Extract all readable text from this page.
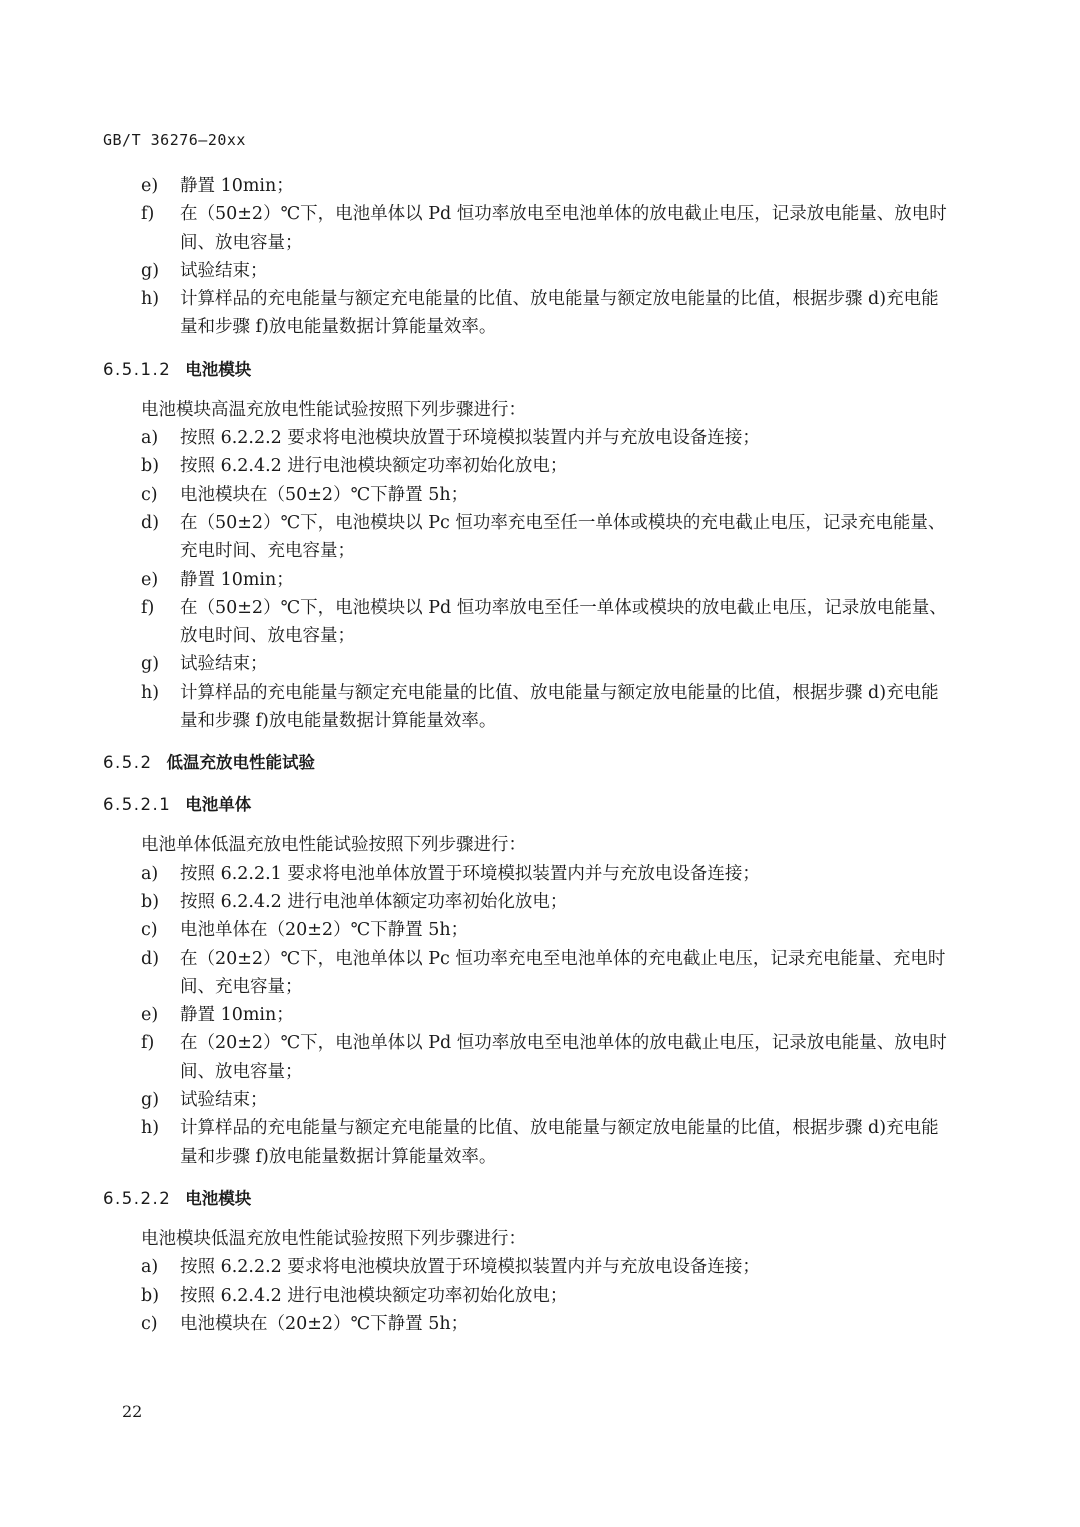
GB/T 36276—20xx
e) 静置 10min；
f) 在（50±2）℃下，电池单体以 Pd 恒功率放电至电池单体的放电截止电压，记录放电能量、放电时间、放电容量；
g) 试验结束；
h) 计算样品的充电能量与额定充电能量的比值、放电能量与额定放电能量的比值，根据步骤 d)充电能量和步骤 f)放电能量数据计算能量效率。
6.5.1.2 电池模块
电池模块高温充放电性能试验按照下列步骤进行：
a) 按照 6.2.2.2 要求将电池模块放置于环境模拟装置内并与充放电设备连接；
b) 按照 6.2.4.2 进行电池模块额定功率初始化放电；
c) 电池模块在（50±2）℃下静置 5h；
d) 在（50±2）℃下，电池模块以 Pc 恒功率充电至任一单体或模块的充电截止电压，记录充电能量、充电时间、充电容量；
e) 静置 10min；
f) 在（50±2）℃下，电池模块以 Pd 恒功率放电至任一单体或模块的放电截止电压，记录放电能量、放电时间、放电容量；
g) 试验结束；
h) 计算样品的充电能量与额定充电能量的比值、放电能量与额定放电能量的比值，根据步骤 d)充电能量和步骤 f)放电能量数据计算能量效率。
6.5.2 低温充放电性能试验
6.5.2.1 电池单体
电池单体低温充放电性能试验按照下列步骤进行：
a) 按照 6.2.2.1 要求将电池单体放置于环境模拟装置内并与充放电设备连接；
b) 按照 6.2.4.2 进行电池单体额定功率初始化放电；
c) 电池单体在（20±2）℃下静置 5h；
d) 在（20±2）℃下，电池单体以 Pc 恒功率充电至电池单体的充电截止电压，记录充电能量、充电时间、充电容量；
e) 静置 10min；
f) 在（20±2）℃下，电池单体以 Pd 恒功率放电至电池单体的放电截止电压，记录放电能量、放电时间、放电容量；
g) 试验结束；
h) 计算样品的充电能量与额定充电能量的比值、放电能量与额定放电能量的比值，根据步骤 d)充电能量和步骤 f)放电能量数据计算能量效率。
6.5.2.2 电池模块
电池模块低温充放电性能试验按照下列步骤进行：
a) 按照 6.2.2.2 要求将电池模块放置于环境模拟装置内并与充放电设备连接；
b) 按照 6.2.4.2 进行电池模块额定功率初始化放电；
c) 电池模块在（20±2）℃下静置 5h；
22
